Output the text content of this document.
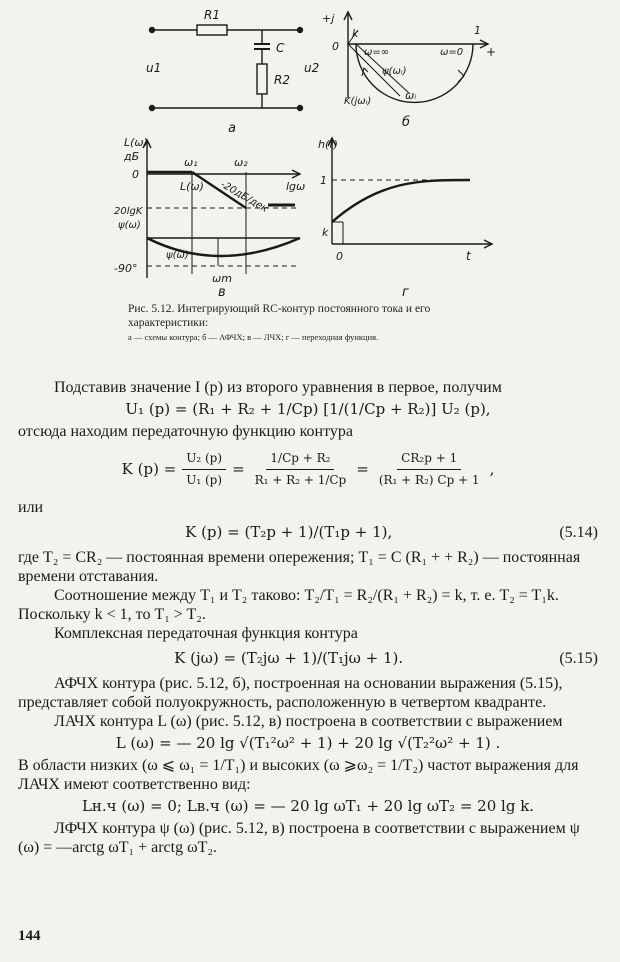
R1
C
R2
u1	u2
а
+j
k	1
0	+
ω=∞	ω=0
ψ(ωᵢ)
K(jωᵢ)	ωᵢ
б
L(ω)
дБ	ω₁	ω₂
L(ω) -20дБ/дек
0
lgω
20lgK
ψ(ω)
ψ(ω)
-90°
ωm
в
h(t)
1
k
0	t
г
Рис. 5.12. Интегрирующий RC-контур постоянного тока и его характеристики:
а — схемы контура; б — АФЧХ; в — ЛЧХ; г — переходная функция.

Подставив значение I (p) из второго уравнения в первое, получим

U₁ (p) = (R₁ + R₂ + 1/Cp) [1/(1/Cp + R₂)] U₂ (p),

отсюда находим передаточную функцию контура

K $(p) = \frac{\text{U₂ (p)}}{\text{U₁ (p)}} = \frac{\text{1/Cp + R₂}}{\text{R₁ + R₂ + 1/Cp}} = \frac{\text{CR₂p + 1}}{\text{(R₁ + R₂) Cp + 1}}$ ,

или

K (p) = (T₂p + 1)/(T₁p + 1),	(5.14)

где T₂ = CR₂ — постоянная времени опережения; T₁ = C (R₁ + + R₂) — постоянная времени отставания.

Соотношение между T₁ и T₂ таково: T₂/T₁ = R₂/(R₁ + R₂) = k, т. е. T₂ = T₁k. Поскольку k < 1, то T₁ > T₂.

Комплексная передаточная функция контура

K (jω) = (T₂jω + 1)/(T₁jω + 1).	(5.15)

АФЧХ контура (рис. 5.12, б), построенная на основании выражения (5.15), представляет собой полуокружность, расположенную в четвертом квадранте.

ЛАЧХ контура L (ω) (рис. 5.12, в) построена в соответствии с выражением

L (ω) = — 20 lg √(T₁²ω² + 1) + 20 lg √(T₂²ω² + 1) .

В области низких (ω ⩽ ω₁ = 1/T₁) и высоких (ω ⩾ω₂ = 1/T₂) частот выражения для ЛАЧХ имеют соответственно вид:

Lн.ч (ω) = 0; Lв.ч (ω) = — 20 lg ωT₁ + 20 lg ωT₂ = 20 lg k.

ЛФЧХ контура ψ (ω) (рис. 5.12, в) построена в соответствии с выражением ψ (ω) = —arctg ωT₁ + arctg ωT₂.

144
